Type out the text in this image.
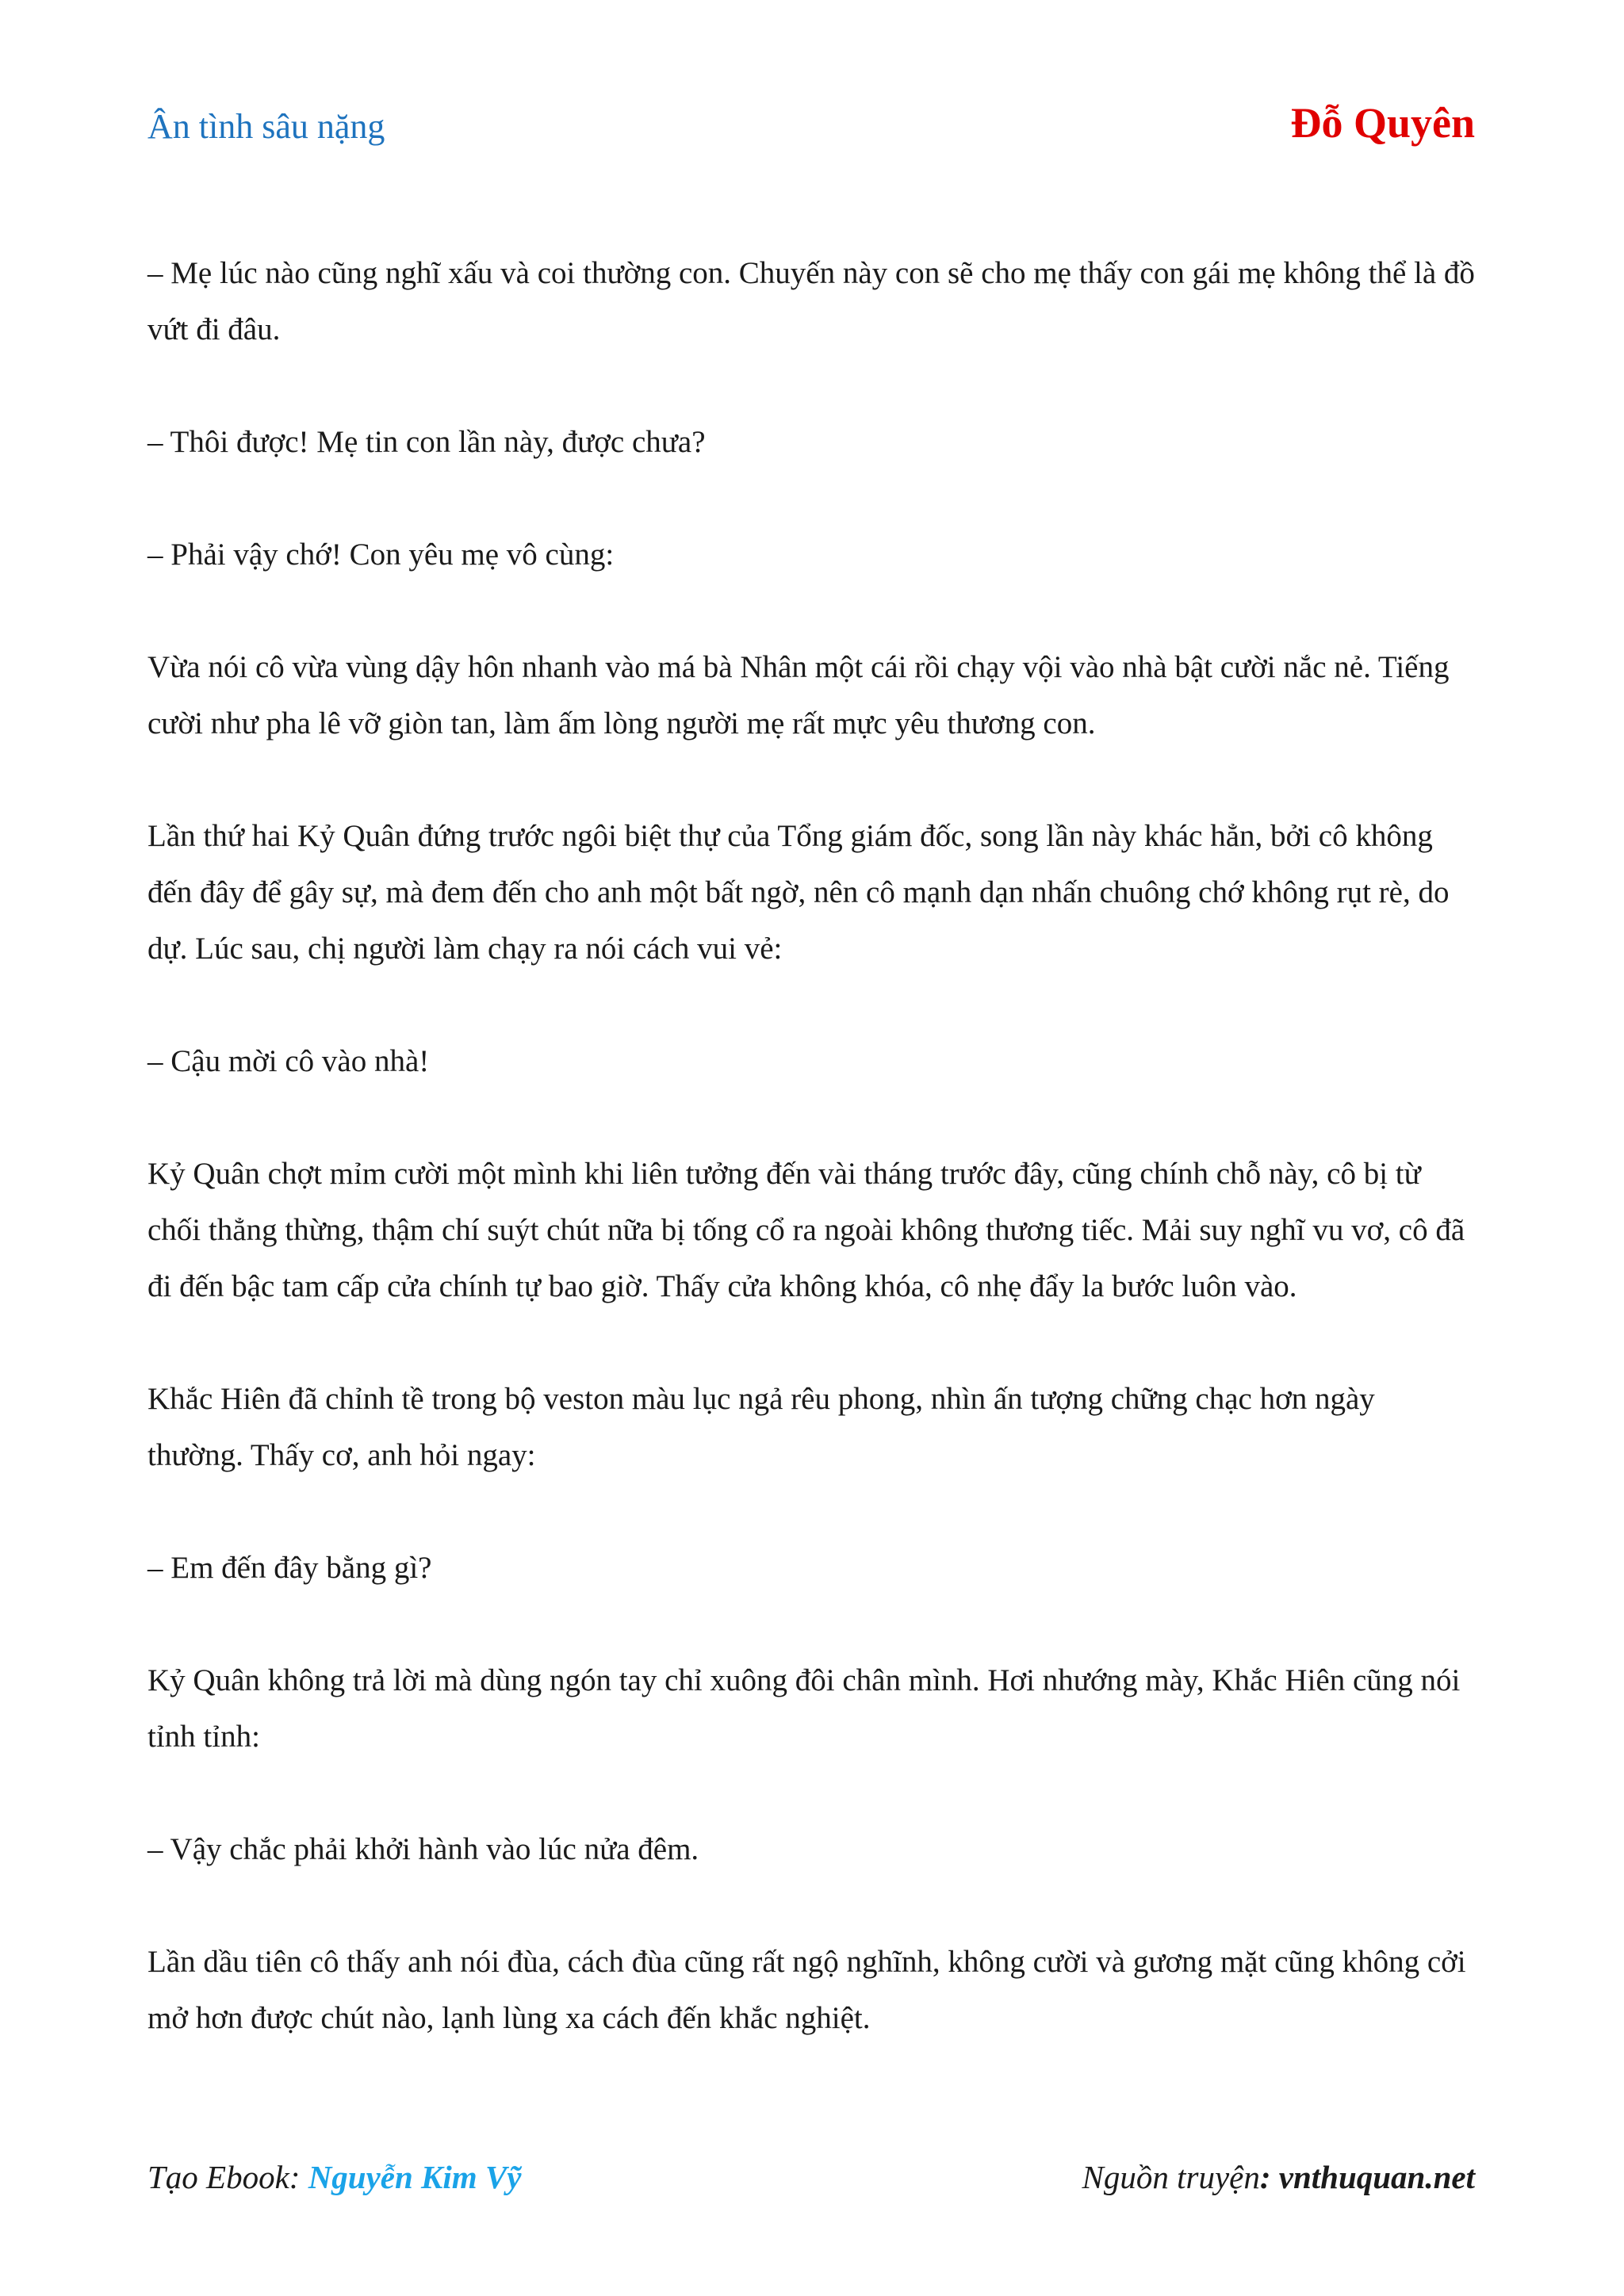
Ân tình sâu nặng	Đỗ Quyên

– Mẹ lúc nào cũng nghĩ xấu và coi thường con. Chuyến này con sẽ cho mẹ thấy con gái mẹ không thể là đồ vứt đi đâu.

– Thôi được! Mẹ tin con lần này, được chưa?

– Phải vậy chớ! Con yêu mẹ vô cùng:

Vừa nói cô vừa vùng dậy hôn nhanh vào má bà Nhân một cái rồi chạy vội vào nhà bật cười nắc nẻ. Tiếng cười như pha lê vỡ giòn tan, làm ấm lòng người mẹ rất mực yêu thương con.

Lần thứ hai Kỷ Quân đứng trước ngôi biệt thự của Tổng giám đốc, song lần này khác hẳn, bởi cô không đến đây để gây sự, mà đem đến cho anh một bất ngờ, nên cô mạnh dạn nhấn chuông chớ không rụt rè, do dự. Lúc sau, chị người làm chạy ra nói cách vui vẻ:

– Cậu mời cô vào nhà!

Kỷ Quân chợt mỉm cười một mình khi liên tưởng đến vài tháng trước đây, cũng chính chỗ này, cô bị từ chối thẳng thừng, thậm chí suýt chút nữa bị tống cổ ra ngoài không thương tiếc. Mải suy nghĩ vu vơ, cô đã đi đến bậc tam cấp cửa chính tự bao giờ. Thấy cửa không khóa, cô nhẹ đẩy la bước luôn vào.

Khắc Hiên đã chỉnh tề trong bộ veston màu lục ngả rêu phong, nhìn ấn tượng chững chạc hơn ngày thường. Thấy cơ, anh hỏi ngay:

– Em đến đây bằng gì?

Kỷ Quân không trả lời mà dùng ngón tay chỉ xuông đôi chân mình. Hơi nhướng mày, Khắc Hiên cũng nói tỉnh tỉnh:

– Vậy chắc phải khởi hành vào lúc nửa đêm.

Lần dầu tiên cô thấy anh nói đùa, cách đùa cũng rất ngộ nghĩnh, không cười và gương mặt cũng không cởi mở hơn được chút nào, lạnh lùng xa cách đến khắc nghiệt.

Tạo Ebook: Nguyễn Kim Vỹ	Nguồn truyện: vnthuquan.net
